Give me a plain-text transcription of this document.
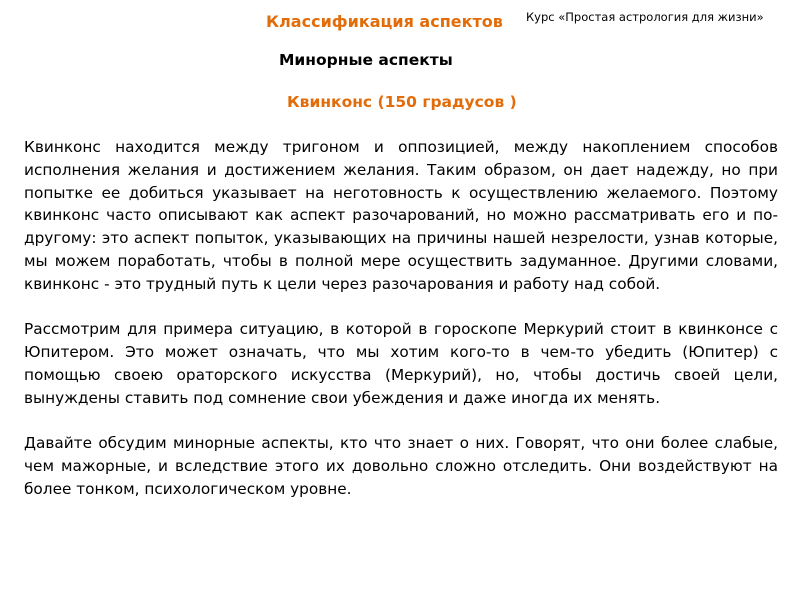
Курс «Простая астрология для жизни»
Классификация аспектов
Минорные аспекты
Квинконс (150 градусов )

Квинконс находится между тригоном и оппозицией, между накоплением способов исполнения желания и достижением желания. Таким образом, он дает надежду, но при попытке ее добиться указывает на неготовность к осуществлению желаемого. Поэтому квинконс часто описывают как аспект разочарований, но можно рассматривать его и по-другому: это аспект попыток, указывающих на причины нашей незрелости, узнав которые, мы можем поработать, чтобы в полной мере осуществить задуманное. Другими словами, квинконс - это трудный путь к цели через разочарования и работу над собой.

Рассмотрим для примера ситуацию, в которой в гороскопе Меркурий стоит в квинконсе с Юпитером. Это может означать, что мы хотим кого-то в чем-то убедить (Юпитер) с помощью своею ораторского искусства (Меркурий), но, чтобы достичь своей цели, вынуждены ставить под сомнение свои убеждения и даже иногда их менять.

Давайте обсудим минорные аспекты, кто что знает о них. Говорят, что они более слабые, чем мажорные, и вследствие этого их довольно сложно отследить. Они воздействуют на более тонком, психологическом уровне.
